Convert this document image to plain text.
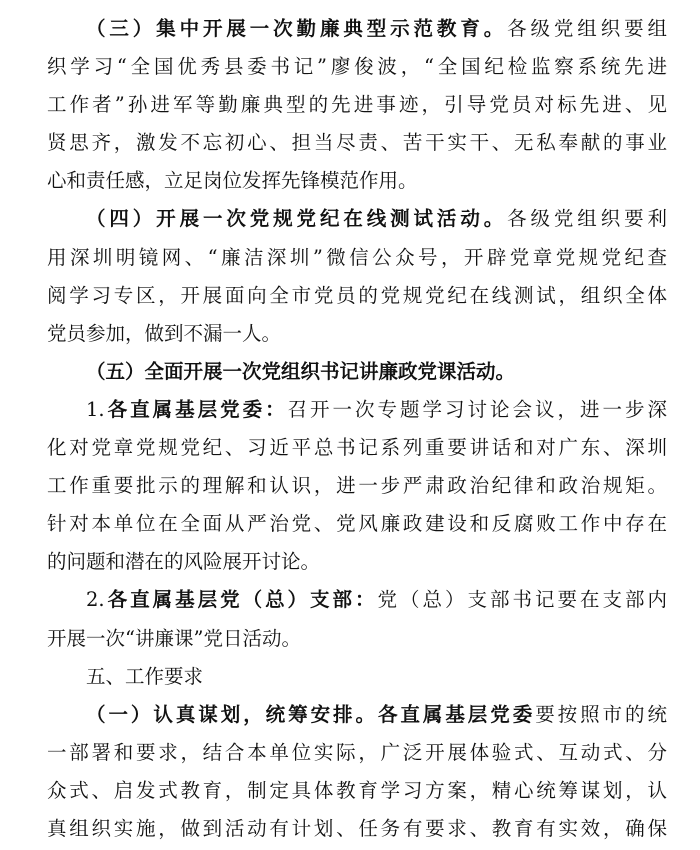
（三）集中开展一次勤廉典型示范教育。各级党组织要组
织学习“全国优秀县委书记”廖俊波，“全国纪检监察系统先进
工作者”孙进军等勤廉典型的先进事迹，引导党员对标先进、见
贤思齐，激发不忘初心、担当尽责、苦干实干、无私奉献的事业
心和责任感，立足岗位发挥先锋模范作用。
（四）开展一次党规党纪在线测试活动。各级党组织要利
用深圳明镜网、“廉洁深圳”微信公众号，开辟党章党规党纪查
阅学习专区，开展面向全市党员的党规党纪在线测试，组织全体
党员参加，做到不漏一人。
（五）全面开展一次党组织书记讲廉政党课活动。
1.各直属基层党委：召开一次专题学习讨论会议，进一步深
化对党章党规党纪、习近平总书记系列重要讲话和对广东、深圳
工作重要批示的理解和认识，进一步严肃政治纪律和政治规矩。
针对本单位在全面从严治党、党风廉政建设和反腐败工作中存在
的问题和潜在的风险展开讨论。
2.各直属基层党（总）支部：党（总）支部书记要在支部内
开展一次“讲廉课”党日活动。
五、工作要求
（一）认真谋划，统筹安排。各直属基层党委要按照市的统
一部署和要求，结合本单位实际，广泛开展体验式、互动式、分
众式、启发式教育，制定具体教育学习方案，精心统筹谋划，认
真组织实施，做到活动有计划、任务有要求、教育有实效，确保
